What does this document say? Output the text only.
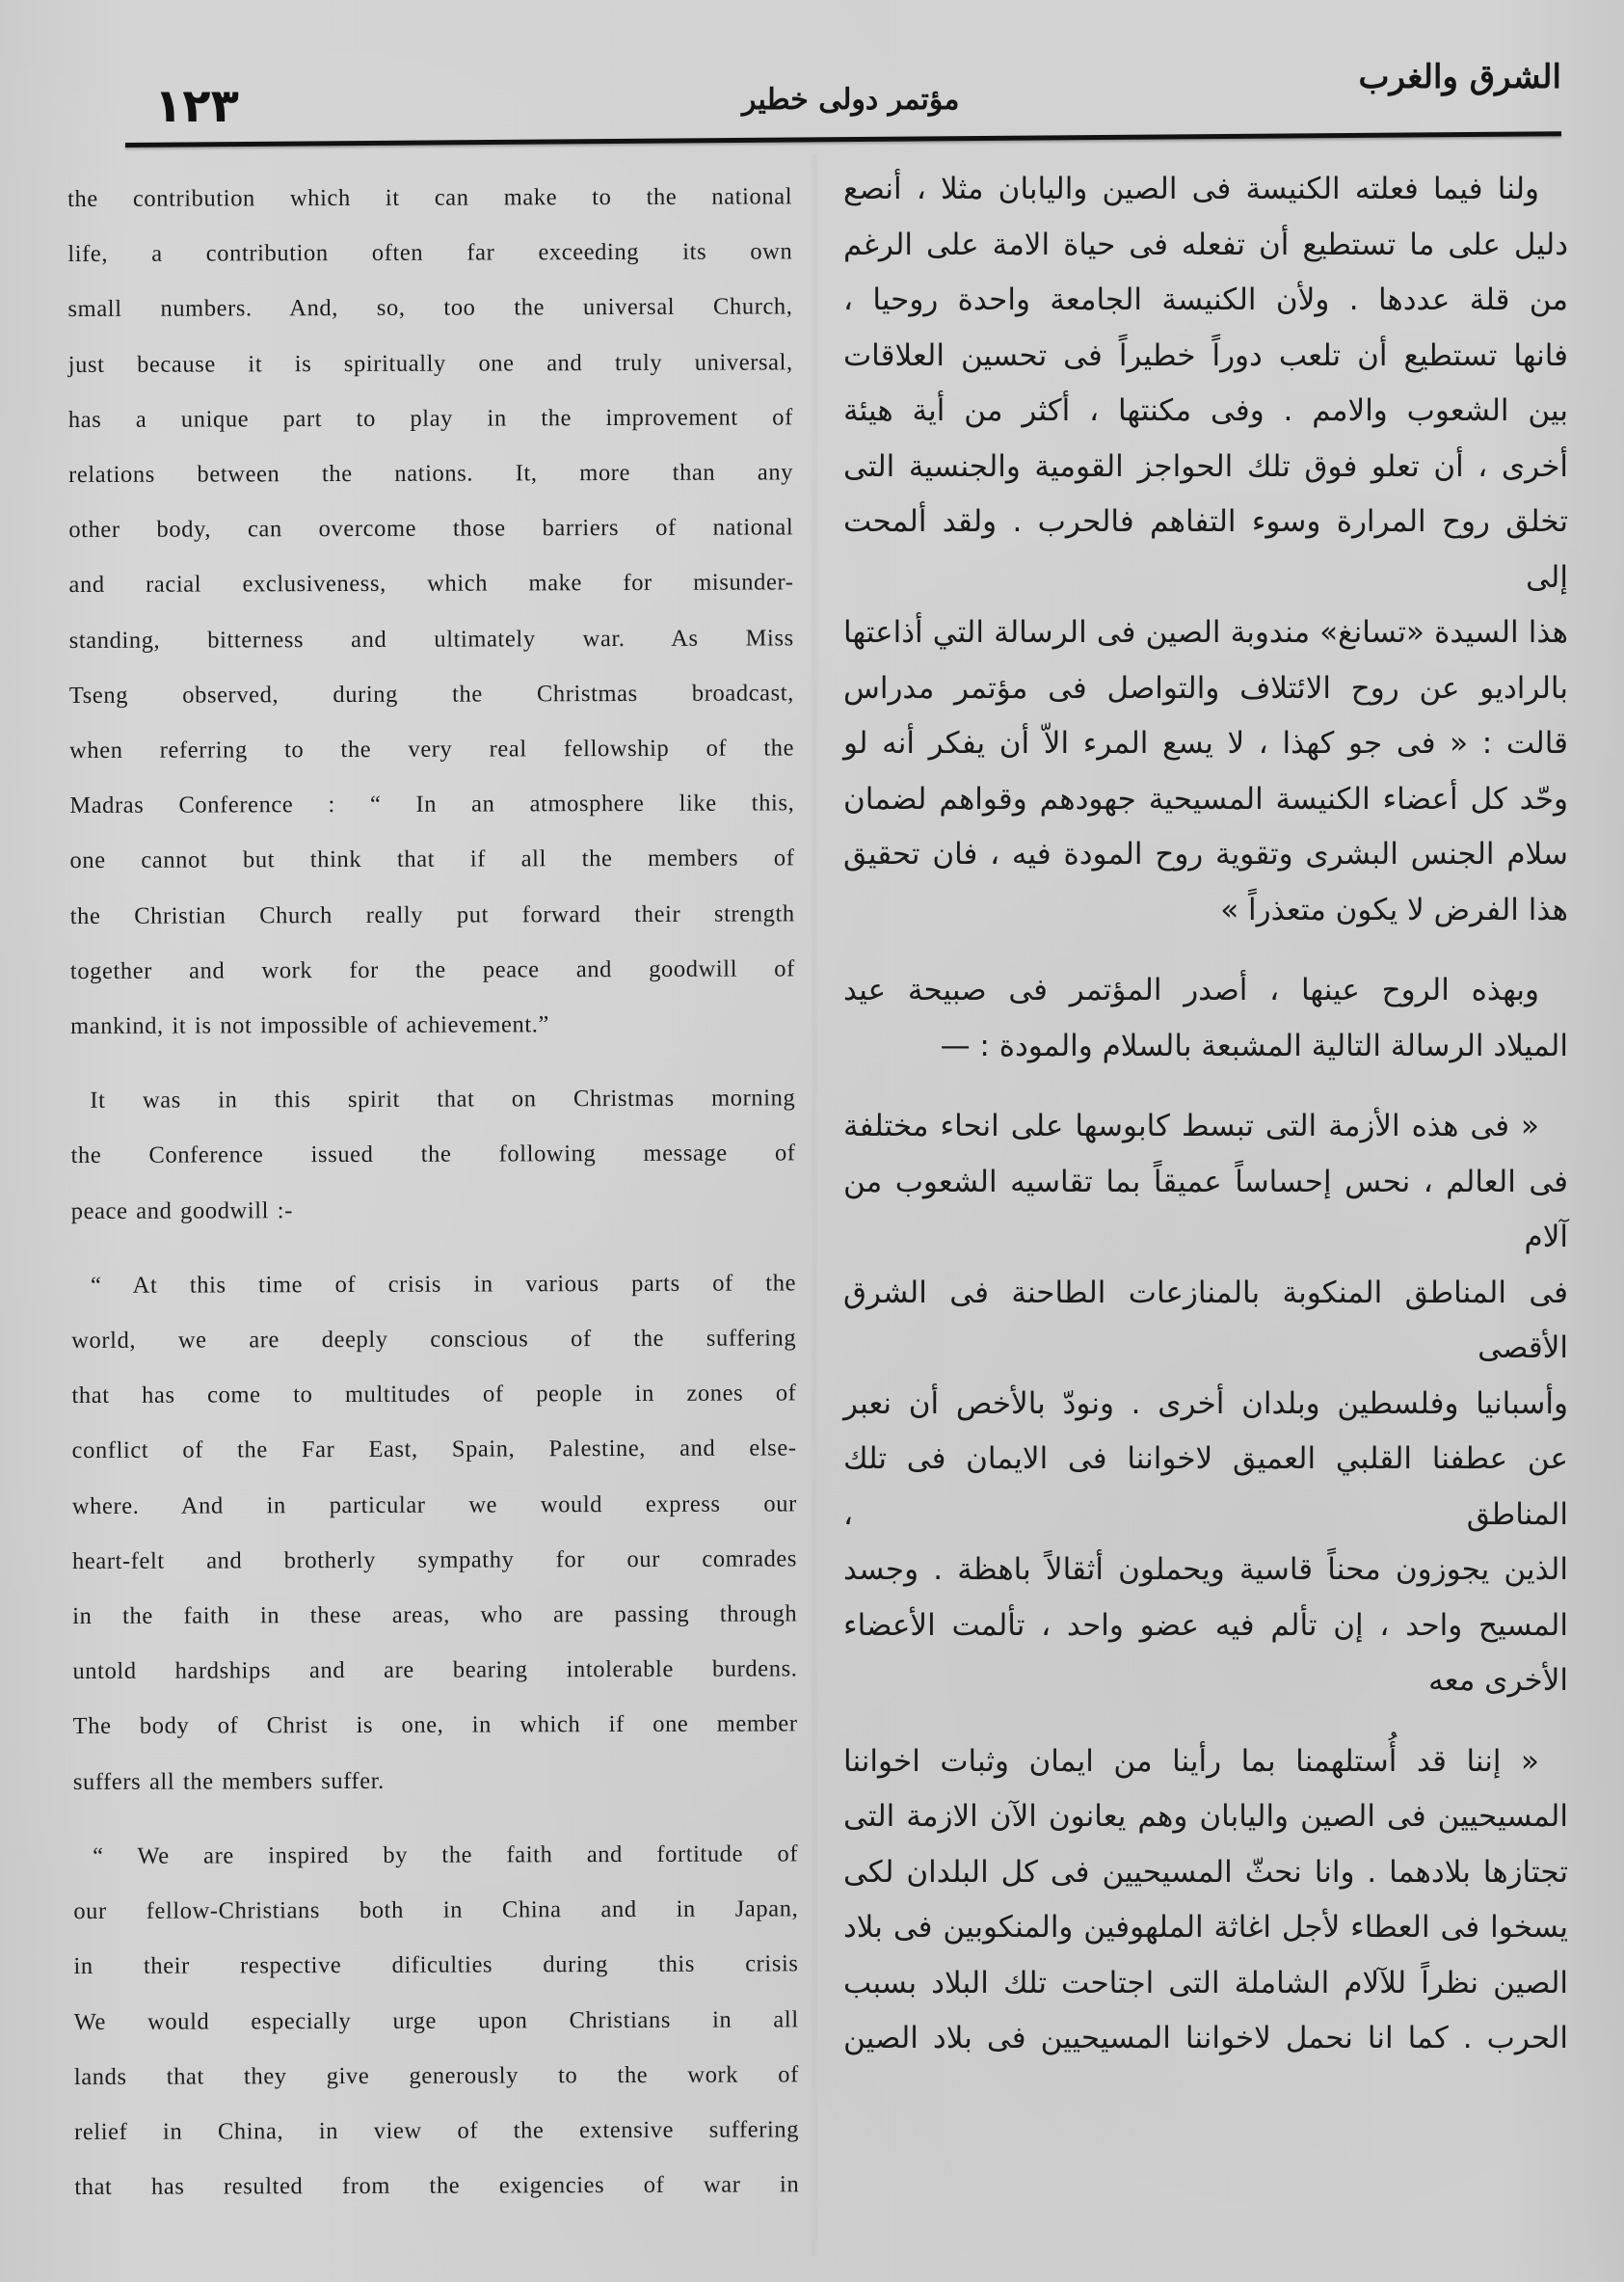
الشرق والغرب
مؤتمر دولى خطير
١٢٣

the contribution which it can make to the national

life, a contribution often far exceeding its own

small numbers. And, so, too the universal Church,

just because it is spiritually one and truly universal,

has a unique part to play in the improvement of

relations between the nations. It, more than any

other body, can overcome those barriers of national

and racial exclusiveness, which make for misunder-

standing, bitterness and ultimately war. As Miss

Tseng observed, during the Christmas broadcast,

when referring to the very real fellowship of the

Madras Conference : “ In an atmosphere like this,

one cannot but think that if all the members of

the Christian Church really put forward their strength

together and work for the peace and goodwill of

mankind, it is not impossible of achievement.”

It was in this spirit that on Christmas morning

the Conference issued the following message of

peace and goodwill :-

“ At this time of crisis in various parts of the

world, we are deeply conscious of the suffering

that has come to multitudes of people in zones of

conflict of the Far East, Spain, Palestine, and else-

where. And in particular we would express our

heart-felt and brotherly sympathy for our comrades

in the faith in these areas, who are passing through

untold hardships and are bearing intolerable burdens.

The body of Christ is one, in which if one member

suffers all the members suffer.

“ We are inspired by the faith and fortitude of

our fellow-Christians both in China and in Japan,

in their respective dificulties during this crisis

We would especially urge upon Christians in all

lands that they give generously to the work of

relief in China, in view of the extensive suffering

that has resulted from the exigencies of war in

ولنا فيما فعلته الكنيسة فى الصين واليابان مثلا ، أنصع

دليل على ما تستطيع أن تفعله فى حياة الامة على الرغم

من قلة عددها . ولأن الكنيسة الجامعة واحدة روحيا ،

فانها تستطيع أن تلعب دوراً خطيراً فى تحسين العلاقات

بين الشعوب والامم . وفى مكنتها ، أكثر من أية هيئة

أخرى ، أن تعلو فوق تلك الحواجز القومية والجنسية التى

تخلق روح المرارة وسوء التفاهم فالحرب . ولقد ألمحت إلى

هذا السيدة «تسانغ» مندوبة الصين فى الرسالة التي أذاعتها

بالراديو عن روح الائتلاف والتواصل فى مؤتمر مدراس

قالت : « فى جو كهذا ، لا يسع المرء الاّ أن يفكر أنه لو

وحّد كل أعضاء الكنيسة المسيحية جهودهم وقواهم لضمان

سلام الجنس البشرى وتقوية روح المودة فيه ، فان تحقيق

هذا الفرض لا يكون متعذراً »

وبهذه الروح عينها ، أصدر المؤتمر فى صبيحة عيد

الميلاد الرسالة التالية المشبعة بالسلام والمودة : —

« فى هذه الأزمة التى تبسط كابوسها على انحاء مختلفة

فى العالم ، نحس إحساساً عميقاً بما تقاسيه الشعوب من آلام

فى المناطق المنكوبة بالمنازعات الطاحنة فى الشرق الأقصى

وأسبانيا وفلسطين وبلدان أخرى . ونودّ بالأخص أن نعبر

عن عطفنا القلبي العميق لاخواننا فى الايمان فى تلك المناطق ،

الذين يجوزون محناً قاسية ويحملون أثقالاً باهظة . وجسد

المسيح واحد ، إن تألم فيه عضو واحد ، تألمت الأعضاء

الأخرى معه

« إننا قد أُستلهمنا بما رأينا من ايمان وثبات اخواننا

المسيحيين فى الصين واليابان وهم يعانون الآن الازمة التى

تجتازها بلادهما . وانا نحثّ المسيحيين فى كل البلدان لكى

يسخوا فى العطاء لأجل اغاثة الملهوفين والمنكوبين فى بلاد

الصين نظراً للآلام الشاملة التى اجتاحت تلك البلاد بسبب

الحرب . كما انا نحمل لاخواننا المسيحيين فى بلاد الصين
